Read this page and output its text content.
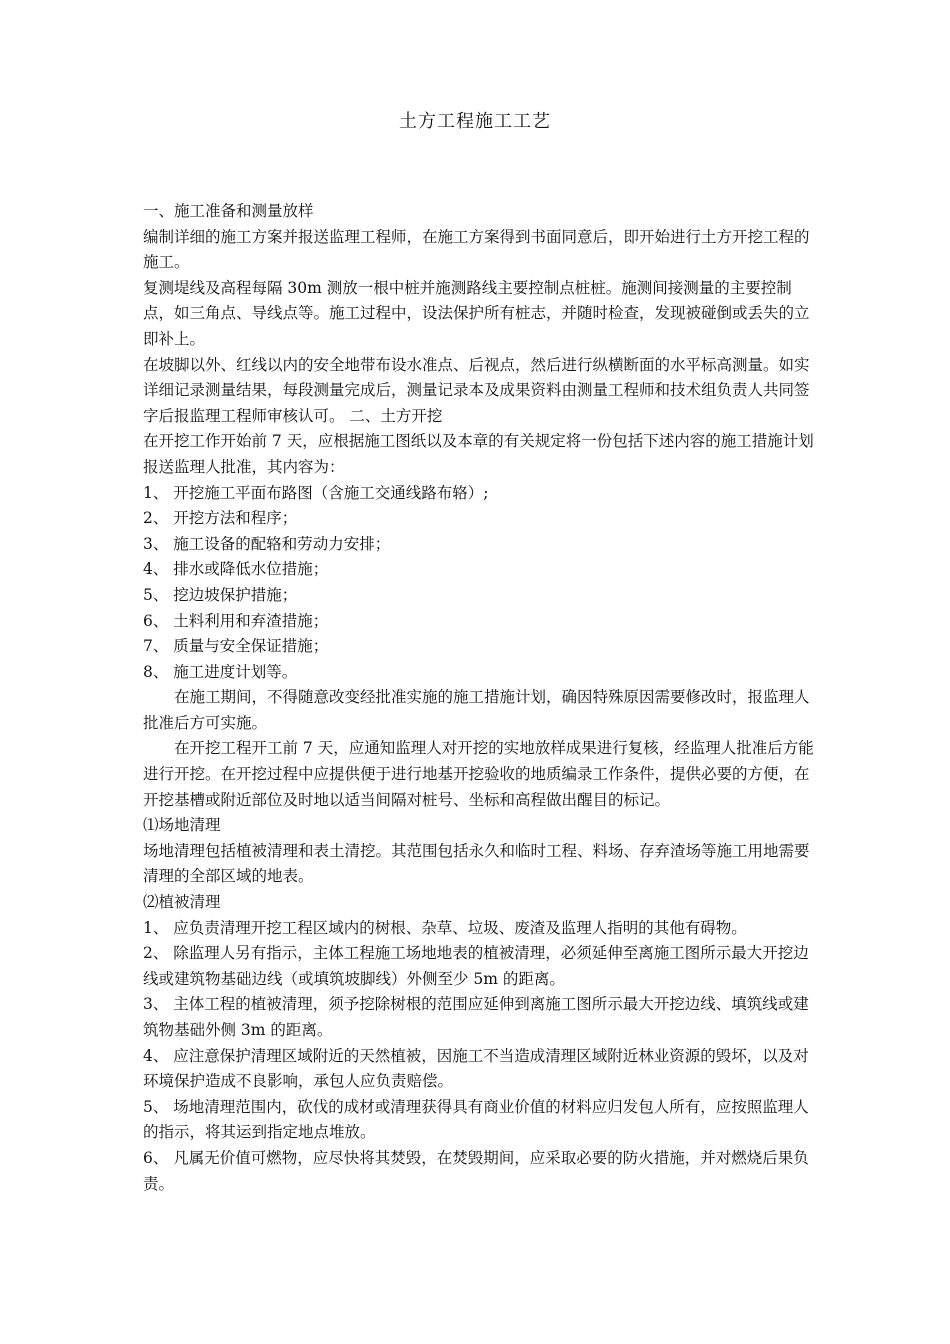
土方工程施工工艺

一、施工准备和测量放样

编制详细的施工方案并报送监理工程师，在施工方案得到书面同意后，即开始进行土方开挖工程的施工。

复测堤线及高程每隔 30m 测放一根中桩并施测路线主要控制点桩桩。施测间接测量的主要控制点，如三角点、导线点等。施工过程中，设法保护所有桩志，并随时检查，发现被碰倒或丢失的立即补上。

在坡脚以外、红线以内的安全地带布设水准点、后视点，然后进行纵横断面的水平标高测量。如实详细记录测量结果，每段测量完成后，测量记录本及成果资料由测量工程师和技术组负责人共同签字后报监理工程师审核认可。 二、土方开挖

在开挖工作开始前 7 天，应根据施工图纸以及本章的有关规定将一份包括下述内容的施工措施计划报送监理人批准，其内容为：

1、 开挖施工平面布路图（含施工交通线路布辂）;

2、 开挖方法和程序；

3、 施工设备的配辂和劳动力安排；

4、 排水或降低水位措施；

5、 挖边坡保护措施；

6、 土料利用和弃渣措施；

7、 质量与安全保证措施；

8、 施工进度计划等。

在施工期间，不得随意改变经批准实施的施工措施计划，确因特殊原因需要修改时，报监理人批准后方可实施。

在开挖工程开工前 7 天，应通知监理人对开挖的实地放样成果进行复核，经监理人批准后方能进行开挖。在开挖过程中应提供便于进行地基开挖验收的地质编录工作条件，提供必要的方便，在开挖基槽或附近部位及时地以适当间隔对桩号、坐标和高程做出醒目的标记。

⑴场地清理

场地清理包括植被清理和表土清挖。其范围包括永久和临时工程、料场、存弃渣场等施工用地需要清理的全部区域的地表。

⑵植被清理

1、 应负责清理开挖工程区域内的树根、杂草、垃圾、废渣及监理人指明的其他有碍物。

2、 除监理人另有指示，主体工程施工场地地表的植被清理，必须延伸至离施工图所示最大开挖边线或建筑物基础边线（或填筑坡脚线）外侧至少 5m 的距离。

3、 主体工程的植被清理，须予挖除树根的范围应延伸到离施工图所示最大开挖边线、填筑线或建筑物基础外侧 3m 的距离。

4、 应注意保护清理区域附近的天然植被，因施工不当造成清理区域附近林业资源的毁坏，以及对环境保护造成不良影响，承包人应负责赔偿。

5、 场地清理范围内，砍伐的成材或清理获得具有商业价值的材料应归发包人所有，应按照监理人的指示，将其运到指定地点堆放。

6、 凡属无价值可燃物，应尽快将其焚毁，在焚毁期间，应采取必要的防火措施，并对燃烧后果负责。
